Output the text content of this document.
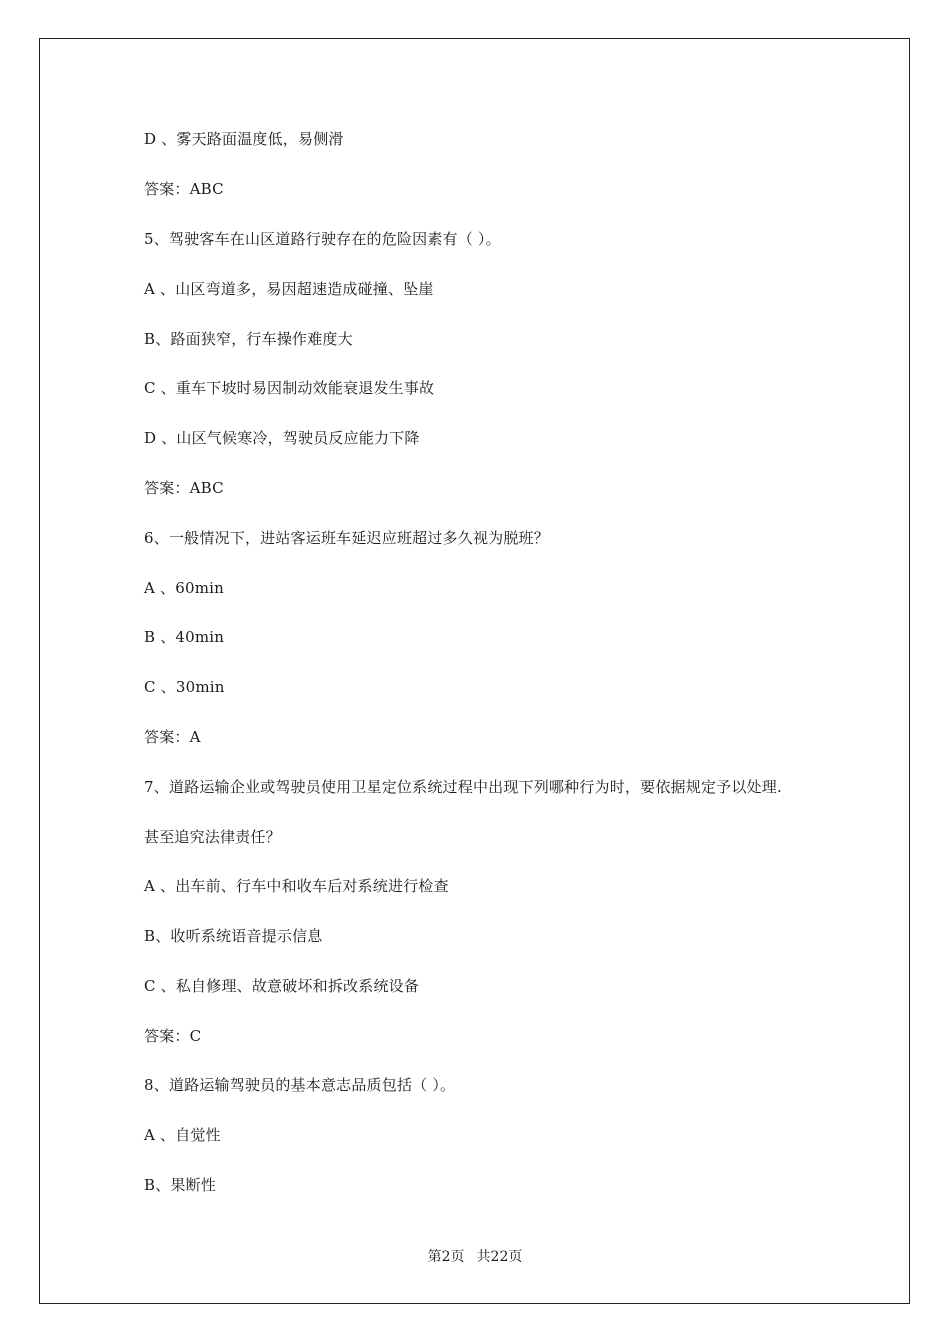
D 、雾天路面温度低，易侧滑
答案：ABC
5、驾驶客车在山区道路行驶存在的危险因素有（ ）。
A 、山区弯道多，易因超速造成碰撞、坠崖
B、路面狭窄，行车操作难度大
C 、重车下坡时易因制动效能衰退发生事故
D 、山区气候寒冷，驾驶员反应能力下降
答案：ABC
6、一般情况下，进站客运班车延迟应班超过多久视为脱班？
A 、60min
B 、40min
C 、30min
答案：A
7、道路运输企业或驾驶员使用卫星定位系统过程中出现下列哪种行为时，要依据规定予以处理.
甚至追究法律责任？
A 、出车前、行车中和收车后对系统进行检查
B、收听系统语音提示信息
C 、私自修理、故意破坏和拆改系统设备
答案：C
8、道路运输驾驶员的基本意志品质包括（ ）。
A 、自觉性
B、果断性
第2页 共22页
